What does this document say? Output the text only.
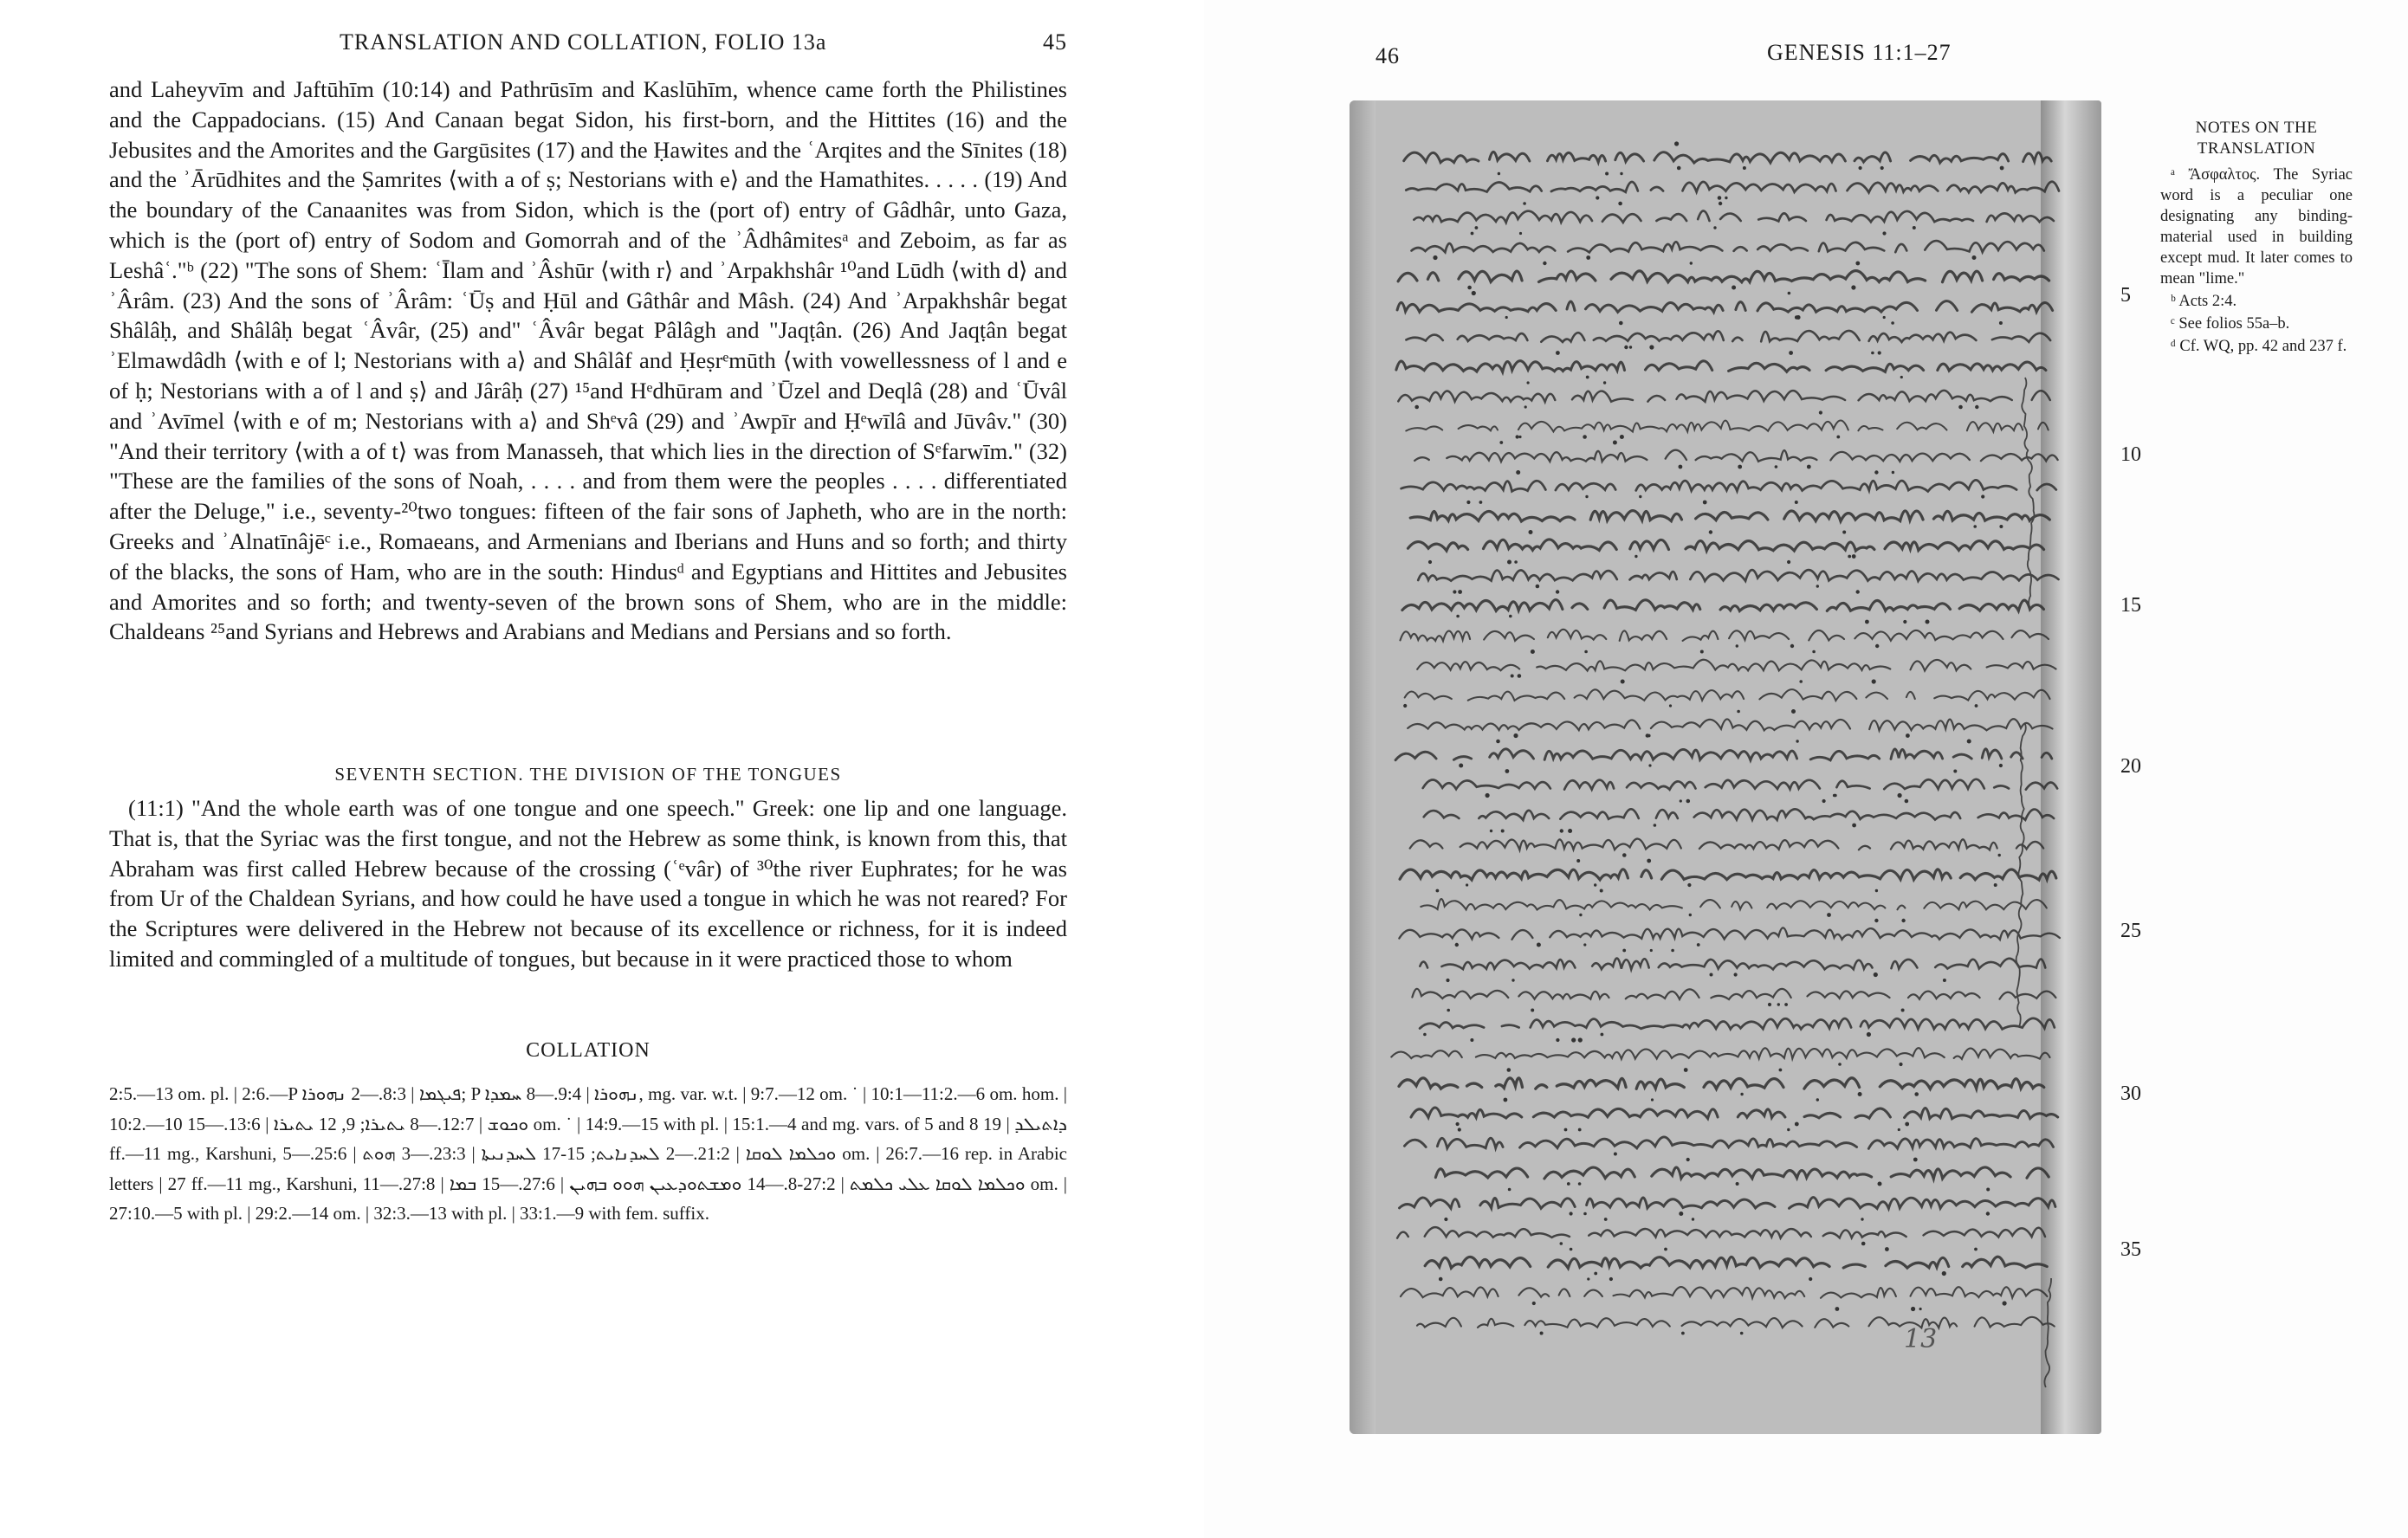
TRANSLATION AND COLLATION, FOLIO 13a	45

and Laheyvīm and Jaftūhīm (10:14) and Pathrūsīm and Kaslūhīm, whence came forth the Philistines and the Cappadocians. (15) And Canaan begat Sidon, his first-born, and the Hittites (16) and the Jebusites and the Amorites and the Gargūsites (17) and the Ḥawites and the ʿArqites and the Sīnites (18) and the ʾĀrūdhites and the Ṣamrites ⟨with a of ṣ; Nestorians with e⟩ and the Hamathites. . . . . (19) And the boundary of the Canaanites was from Sidon, which is the (port of) entry of Gâdhâr, unto Gaza, which is the (port of) entry of Sodom and Gomorrah and of the ʾÂdhâmitesᵃ and Zeboim, as far as Leshâʿ."ᵇ (22) "The sons of Shem: ʿĪlam and ʾÂshūr ⟨with r⟩ and ʾArpakhshâr ¹⁰and Lūdh ⟨with d⟩ and ʾÂrâm. (23) And the sons of ʾÂrâm: ʿŪṣ and Ḥūl and Gâthâr and Mâsh. (24) And ʾArpakhshâr begat Shâlâḥ, and Shâlâḥ begat ʿÂvâr, (25) and" ʿÂvâr begat Pâlâgh and "Jaqṭân. (26) And Jaqṭân begat ʾElmawdâdh ⟨with e of l; Nestorians with a⟩ and Shâlâf and Ḥeṣrᵉmūth ⟨with vowellessness of l and e of ḥ; Nestorians with a of l and ṣ⟩ and Jârâḥ (27) ¹⁵and Hᵉdhūram and ʾŪzel and Deqlâ (28) and ʿŪvâl and ʾAvīmel ⟨with e of m; Nestorians with a⟩ and Shᵉvâ (29) and ʾAwpīr and Ḥᵉwīlâ and Jūvâv." (30) "And their territory ⟨with a of t⟩ was from Manasseh, that which lies in the direction of Sᵉfarwīm." (32) "These are the families of the sons of Noah, . . . . and from them were the peoples . . . . differentiated after the Deluge," i.e., seventy-²⁰two tongues: fifteen of the fair sons of Japheth, who are in the north: Greeks and ʾAlnatīnâjēᶜ i.e., Romaeans, and Armenians and Iberians and Huns and so forth; and thirty of the blacks, the sons of Ham, who are in the south: Hindusᵈ and Egyptians and Hittites and Jebusites and Amorites and so forth; and twenty-seven of the brown sons of Shem, who are in the middle: Chaldeans ²⁵and Syrians and Hebrews and Arabians and Medians and Persians and so forth.

SEVENTH SECTION. THE DIVISION OF THE TONGUES

(11:1) "And the whole earth was of one tongue and one speech." Greek: one lip and one language. That is, that the Syriac was the first tongue, and not the Hebrew as some think, is known from this, that Abraham was first called Hebrew because of the crossing (ʿᵉvâr) of ³⁰the river Euphrates; for he was from Ur of the Chaldean Syrians, and how could he have used a tongue in which he was not reared? For the Scriptures were delivered in the Hebrew not because of its excellence or richness, for it is indeed limited and commingled of a multitude of tongues, but because in it were practiced those to whom

COLLATION
2:5.—13 om. pl. | 2:6.—P ܦܝܓܡܐ | 8:3.—2 ܢܗܘܪܐ; P ܢܗܘܪܐ | 9:4.—8 ܚܡܕܐ, mg. var. w.t. | 9:7.—12 om. ˙ | 10:1—11:2.—6 om. hom. | 10:2.—10 ܘܟܘܫ | 12:7.—8 ܝܬܝܪܐ; 9, 12 ܝܬܝܪܐ | 13:6.—15 om. ˙ | 14:9.—15 with pl. | 15:1.—4 and mg. vars. of 5 and 8 ܕܐܬܝܠܕ | 19 ff.—11 mg., Karshuni, ܘܟܠܡܐ ܠܘܩܐ | 21:2.—2 ܠܚܕܢܐܝܬ; 15-17 ܠܚܕܢܝܬܐ | 23:3.—3 ܗܘܬ | 25:6.—5 om. | 26:7.—16 rep. in Arabic letters | 27 ff.—11 mg., Karshuni, ܘܟܠܡܐ ܠܘܩܐ ܥܠܝ ܟܠܡܬ | 27:2-8.—14 ܘܡܫܬܘܕܥܝܢ ܗܘܘ ܒܗܝܢ | 27:6.—15 ܒܡܐ | 27:8.—11 om. | 27:10.—5 with pl. | 29:2.—14 om. | 32:3.—13 with pl. | 33:1.—9 with fem. suffix.
46	GENESIS 11:1–27
13
5
10
15
20
25
30
35
NOTES ON THE TRANSLATION
ᵃ Ἄσφαλτος. The Syriac word is a peculiar one designating any binding-material used in building except mud. It later comes to mean "lime."
ᵇ Acts 2:4.
ᶜ See folios 55a–b.
ᵈ Cf. WQ, pp. 42 and 237 f.
